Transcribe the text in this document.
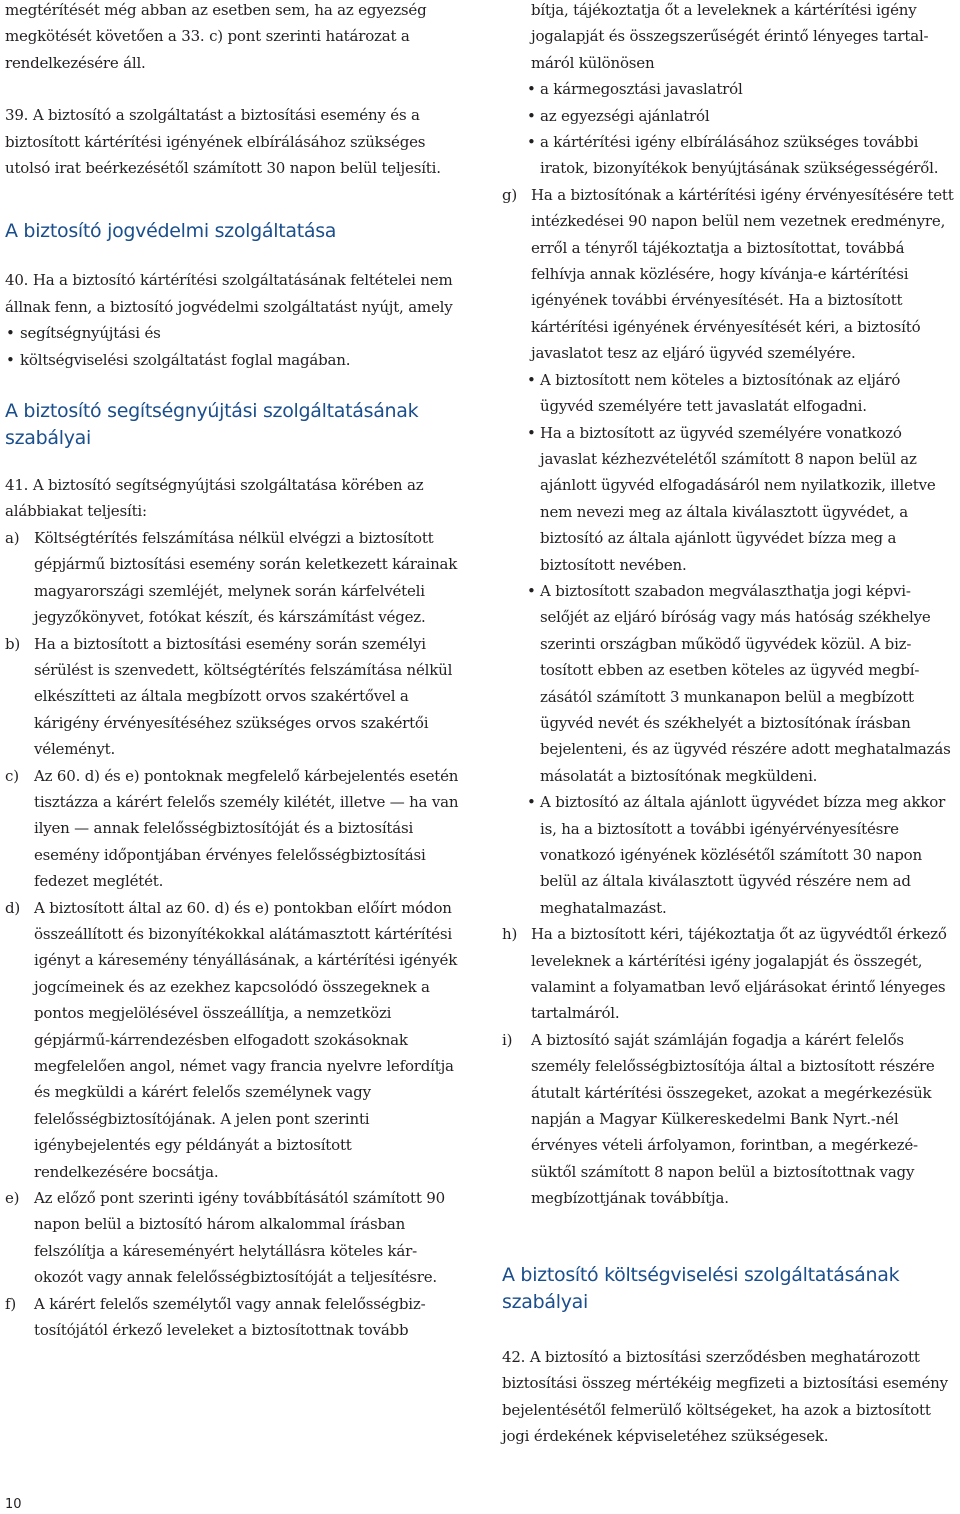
megtérítését még abban az esetben sem, ha az egyezség megkötését követően a 33. c) pont szerinti határozat a rendelkezésére áll.

39. A biztosító a szolgáltatást a biztosítási esemény és a biztosított kártérítési igényének elbírálásához szükséges utolsó irat beérkezésétől számított 30 napon belül teljesíti.

A biztosító jogvédelmi szolgáltatása

40. Ha a biztosító kártérítési szolgáltatásának feltételei nem állnak fenn, a biztosító jogvédelmi szolgáltatást nyújt, amely

• segítségnyújtási és
• költségviselési szolgáltatást foglal magában.
A biztosító segítségnyújtási szolgáltatásának szabályai

41. A biztosító segítségnyújtási szolgáltatása körében az alábbiakat teljesíti:

a) Költségtérítés felszámítása nélkül elvégzi a biztosított gépjármű biztosítási esemény során keletkezett kárainak magyarországi szemléjét, melynek során kárfelvételi jegyzőkönyvet, fotókat készít, és kárszámítást végez.
b) Ha a biztosított a biztosítási esemény során személyi sérülést is szenvedett, költségtérítés felszámítása nélkül elkészítteti az általa megbízott orvos szakértővel a kárigény érvényesítéséhez szükséges orvos szakértői véleményt.
c) Az 60. d) és e) pontoknak megfelelő kárbejelentés esetén tisztázza a kárért felelős személy kilétét, illetve — ha van ilyen — annak felelősségbiztosítóját és a biztosítási esemény időpontjában érvényes felelősségbiztosítási fedezet meglétét.
d) A biztosított által az 60. d) és e) pontokban előírt módon összeállított és bizonyítékokkal alátámasztott kártérítési igényt a káresemény tényállásának, a kártérítési igényék jogcímeinek és az ezekhez kapcsolódó összegeknek a pontos megjelölésével összeállítja, a nemzetközi gépjármű-kárrendezésben elfogadott szokásoknak megfelelően angol, német vagy francia nyelvre lefordítja és megküldi a kárért felelős személynek vagy felelősségbiztosítójának. A jelen pont szerinti igénybejelentés egy példányát a biztosított rendelkezésére bocsátja.
e) Az előző pont szerinti igény továbbításától számított 90 napon belül a biztosító három alkalommal írásban felszólítja a káreseményért helytállásra köteles károkozót vagy annak felelősségbiztosítóját a teljesítésre.
f) A kárért felelős személytől vagy annak felelősségbiztosítójától érkező leveleket a biztosítottnak tovább

bítja, tájékoztatja őt a leveleknek a kártérítési igény jogalapját és összegszerűségét érintő lényeges tartalmáról különösen

• a kármegosztási javaslatról
• az egyezségi ajánlatról
• a kártérítési igény elbírálásához szükséges további iratok, bizonyítékok benyújtásának szükségességéről.
g) Ha a biztosítónak a kártérítési igény érvényesítésére tett intézkedései 90 napon belül nem vezetnek eredményre, erről a tényről tájékoztatja a biztosítottat, továbbá felhívja annak közlésére, hogy kívánja-e kártérítési igényének további érvényesítését. Ha a biztosított kártérítési igényének érvényesítését kéri, a biztosító javaslatot tesz az eljáró ügyvéd személyére.
• A biztosított nem köteles a biztosítónak az eljáró ügyvéd személyére tett javaslatát elfogadni.
• Ha a biztosított az ügyvéd személyére vonatkozó javaslat kézhezvételétől számított 8 napon belül az ajánlott ügyvéd elfogadásáról nem nyilatkozik, illetve nem nevezi meg az általa kiválasztott ügyvédet, a biztosító az általa ajánlott ügyvédet bízza meg a biztosított nevében.
• A biztosított szabadon megválaszthatja jogi képviselőjét az eljáró bíróság vagy más hatóság székhelye szerinti országban működő ügyvédek közül. A biztosított ebben az esetben köteles az ügyvéd megbízásától számított 3 munkanapon belül a megbízott ügyvéd nevét és székhelyét a biztosítónak írásban bejelenteni, és az ügyvéd részére adott meghatalmazás másolatát a biztosítónak megküldeni.
• A biztosító az általa ajánlott ügyvédet bízza meg akkor is, ha a biztosított a további igényérvényesítésre vonatkozó igényének közlésétől számított 30 napon belül az általa kiválasztott ügyvéd részére nem ad meghatalmazást.
h) Ha a biztosított kéri, tájékoztatja őt az ügyvédtől érkező leveleknek a kártérítési igény jogalapját és összegét, valamint a folyamatban levő eljárásokat érintő lényeges tartalmáról.
i) A biztosító saját számláján fogadja a kárért felelős személy felelősségbiztosítója által a biztosított részére átutalt kártérítési összegeket, azokat a megérkezésük napján a Magyar Külkereskedelmi Bank Nyrt.-nél érvényes vételi árfolyamon, forintban, a megérkezésüktől számított 8 napon belül a biztosítottnak vagy megbízottjának továbbítja.
A biztosító költségviselési szolgáltatásának szabályai

42. A biztosító a biztosítási szerződésben meghatározott biztosítási összeg mértékéig megfizeti a biztosítási esemény bejelentésétől felmerülő költségeket, ha azok a biztosított jogi érdekének képviseletéhez szükségesek.

10
